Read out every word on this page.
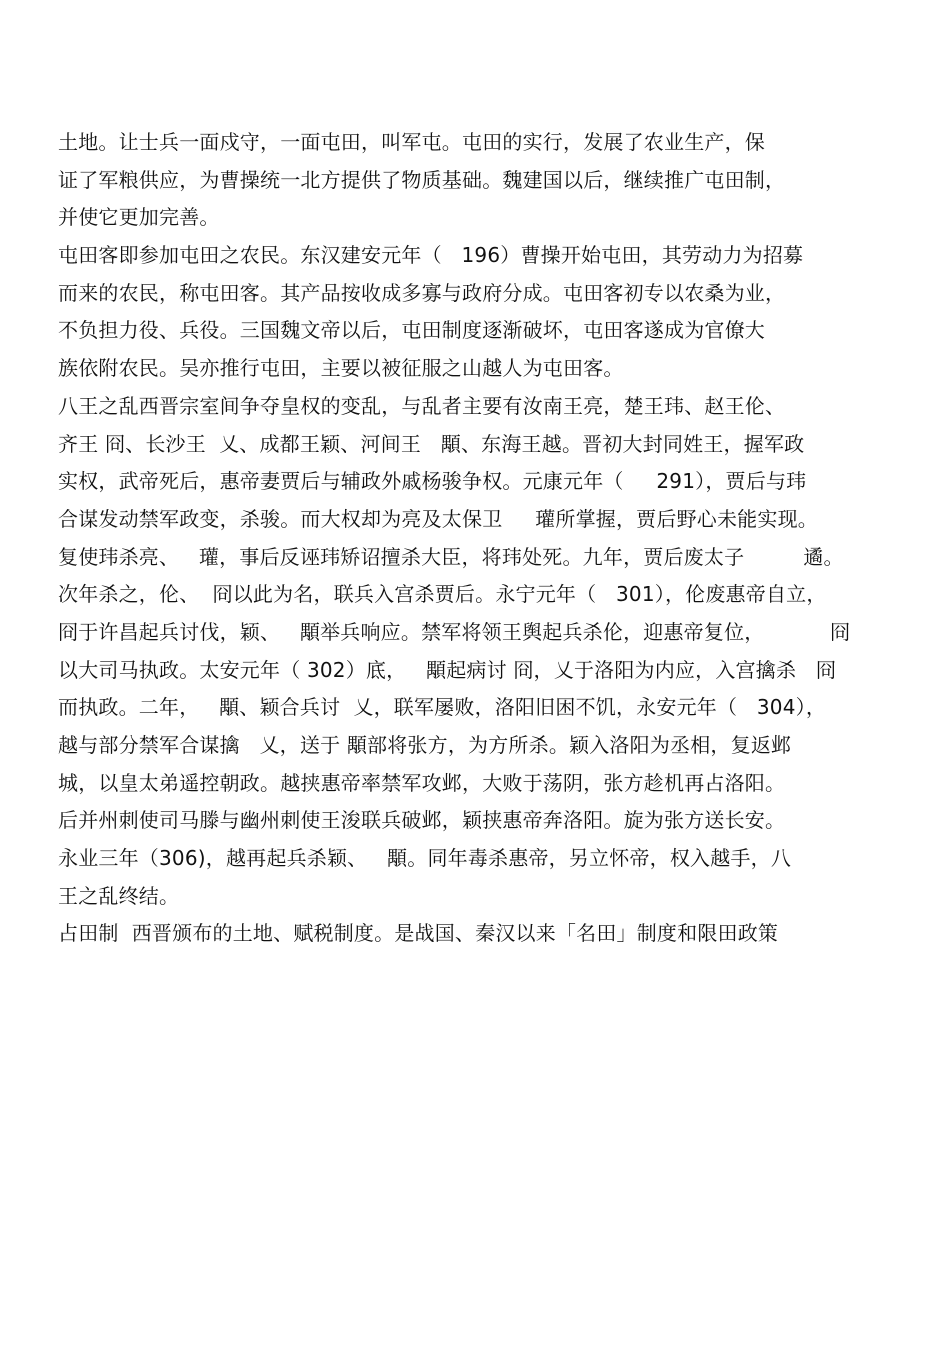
土地。让士兵一面戍守，一面屯田，叫军屯。屯田的实行，发展了农业生产，保
证了军粮供应，为曹操统一北方提供了物质基础。魏建国以后，继续推广屯田制，
并使它更加完善。
屯田客即参加屯田之农民。东汉建安元年（   196）曹操开始屯田，其劳动力为招募
而来的农民，称屯田客。其产品按收成多寡与政府分成。屯田客初专以农桑为业，
不负担力役、兵役。三国魏文帝以后，屯田制度逐渐破坏，屯田客遂成为官僚大
族依附农民。吴亦推行屯田，主要以被征服之山越人为屯田客。
八王之乱西晋宗室间争夺皇权的变乱，与乱者主要有汝南王亮，楚王玮、赵王伦、
齐王 冏、长沙王  乂、成都王颖、河间王   顒、东海王越。晋初大封同姓王，握军政
实权，武帝死后，惠帝妻贾后与辅政外戚杨骏争权。元康元年（     291），贾后与玮
合谋发动禁军政变，杀骏。而大权却为亮及太保卫     瓘所掌握，贾后野心未能实现。
复使玮杀亮、   瓘，事后反诬玮矫诏擅杀大臣，将玮处死。九年，贾后废太子         遹。
次年杀之，伦、  冏以此为名，联兵入宫杀贾后。永宁元年（   301），伦废惠帝自立，
冏于许昌起兵讨伐，颖、   顒举兵响应。禁军将领王舆起兵杀伦，迎惠帝复位，          冏
以大司马执政。太安元年（ 302）底，   顒起病讨 冏，乂于洛阳为内应，入宫擒杀   冏
而执政。二年，   顒、颖合兵讨  乂，联军屡败，洛阳旧困不饥，永安元年（   304），
越与部分禁军合谋擒   乂，送于 顒部将张方，为方所杀。颖入洛阳为丞相，复返邺
城，以皇太弟遥控朝政。越挟惠帝率禁军攻邺，大败于荡阴，张方趁机再占洛阳。
后并州刺使司马滕与幽州刺使王浚联兵破邺，颖挟惠帝奔洛阳。旋为张方送长安。
永业三年（306)，越再起兵杀颖、   顒。同年毒杀惠帝，另立怀帝，权入越手，八
王之乱终结。
占田制  西晋颁布的土地、赋税制度。是战国、秦汉以来「名田」制度和限田政策
